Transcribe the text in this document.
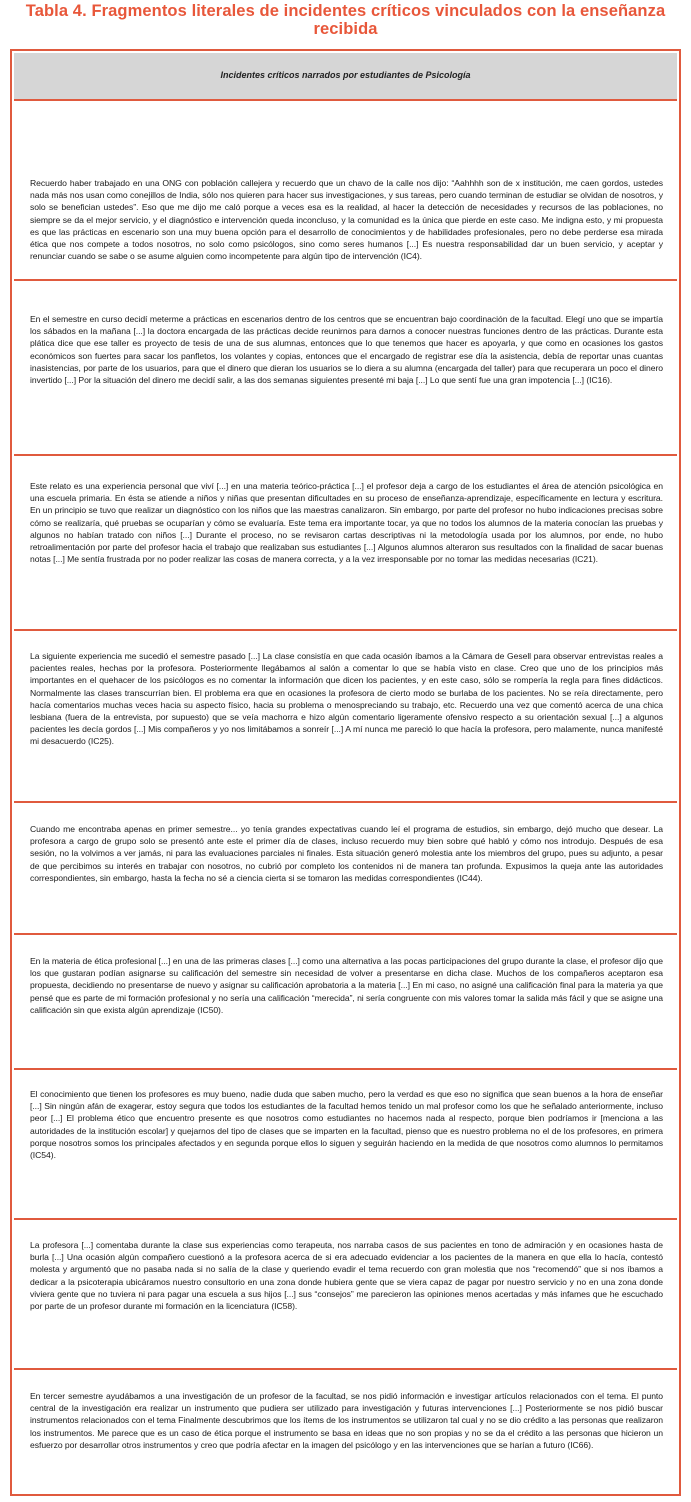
Tabla 4. Fragmentos literales de incidentes críticos vinculados con la enseñanza
recibida
Incidentes críticos narrados por estudiantes de Psicología

Recuerdo haber trabajado en una ONG con población callejera y recuerdo que un chavo de la calle nos dijo: “Aahhhh son de x institución, me caen gordos, ustedes nada más nos usan como conejillos de India, sólo nos quieren para hacer sus investigaciones, y sus tareas, pero cuando terminan de estudiar se olvidan de nosotros, y solo se benefician ustedes”. Eso que me dijo me caló porque a veces esa es la realidad, al hacer la detección de necesidades y recursos de las poblaciones, no siempre se da el mejor servicio, y el diagnóstico e intervención queda inconcluso, y la comunidad es la única que pierde en este caso. Me indigna esto, y mi propuesta es que las prácticas en escenario son una muy buena opción para el desarrollo de conocimientos y de habilidades profesionales, pero no debe perderse esa mirada ética que nos compete a todos nosotros, no solo como psicólogos, sino como seres humanos [...] Es nuestra responsabilidad dar un buen servicio, y aceptar y renunciar cuando se sabe o se asume alguien como incompetente para algún tipo de intervención (IC4).

En el semestre en curso decidí meterme a prácticas en escenarios dentro de los centros que se encuentran bajo coordinación de la facultad. Elegí uno que se impartía los sábados en la mañana [...] la doctora encargada de las prácticas decide reunirnos para darnos a conocer nuestras funciones dentro de las prácticas. Durante esta plática dice que ese taller es proyecto de tesis de una de sus alumnas, entonces que lo que tenemos que hacer es apoyarla, y que como en ocasiones los gastos económicos son fuertes para sacar los panfletos, los volantes y copias, entonces que el encargado de registrar ese día la asistencia, debía de reportar unas cuantas inasistencias, por parte de los usuarios, para que el dinero que dieran los usuarios se lo diera a su alumna (encargada del taller) para que recuperara un poco el dinero invertido [...] Por la situación del dinero me decidí salir, a las dos semanas siguientes presenté mi baja [...] Lo que sentí fue una gran impotencia [...] (IC16).

Este relato es una experiencia personal que viví [...] en una materia teórico-práctica [...] el profesor deja a cargo de los estudiantes el área de atención psicológica en una escuela primaria. En ésta se atiende a niños y niñas que presentan dificultades en su proceso de enseñanza-aprendizaje, específicamente en lectura y escritura. En un principio se tuvo que realizar un diagnóstico con los niños que las maestras canalizaron. Sin embargo, por parte del profesor no hubo indicaciones precisas sobre cómo se realizaría, qué pruebas se ocuparían y cómo se evaluaría. Este tema era importante tocar, ya que no todos los alumnos de la materia conocían las pruebas y algunos no habían tratado con niños [...] Durante el proceso, no se revisaron cartas descriptivas ni la metodología usada por los alumnos, por ende, no hubo retroalimentación por parte del profesor hacia el trabajo que realizaban sus estudiantes [...] Algunos alumnos alteraron sus resultados con la finalidad de sacar buenas notas [...] Me sentía frustrada por no poder realizar las cosas de manera correcta, y a la vez irresponsable por no tomar las medidas necesarias (IC21).

La siguiente experiencia me sucedió el semestre pasado [...] La clase consistía en que cada ocasión íbamos a la Cámara de Gesell para observar entrevistas reales a pacientes reales, hechas por la profesora. Posteriormente llegábamos al salón a comentar lo que se había visto en clase. Creo que uno de los principios más importantes en el quehacer de los psicólogos es no comentar la información que dicen los pacientes, y en este caso, sólo se rompería la regla para fines didácticos. Normalmente las clases transcurrían bien. El problema era que en ocasiones la profesora de cierto modo se burlaba de los pacientes. No se reía directamente, pero hacía comentarios muchas veces hacia su aspecto físico, hacia su problema o menospreciando su trabajo, etc. Recuerdo una vez que comentó acerca de una chica lesbiana (fuera de la entrevista, por supuesto) que se veía machorra e hizo algún comentario ligeramente ofensivo respecto a su orientación sexual [...] a algunos pacientes les decía gordos [...] Mis compañeros y yo nos limitábamos a sonreír [...] A mí nunca me pareció lo que hacía la profesora, pero malamente, nunca manifesté mi desacuerdo (IC25).

Cuando me encontraba apenas en primer semestre... yo tenía grandes expectativas cuando leí el programa de estudios, sin embargo, dejó mucho que desear. La profesora a cargo de grupo solo se presentó ante este el primer día de clases, incluso recuerdo muy bien sobre qué habló y cómo nos introdujo. Después de esa sesión, no la volvimos a ver jamás, ni para las evaluaciones parciales ni finales. Esta situación generó molestia ante los miembros del grupo, pues su adjunto, a pesar de que percibimos su interés en trabajar con nosotros, no cubrió por completo los contenidos ni de manera tan profunda. Expusimos la queja ante las autoridades correspondientes, sin embargo, hasta la fecha no sé a ciencia cierta si se tomaron las medidas correspondientes (IC44).

En la materia de ética profesional [...] en una de las primeras clases [...] como una alternativa a las pocas participaciones del grupo durante la clase, el profesor dijo que los que gustaran podían asignarse su calificación del semestre sin necesidad de volver a presentarse en dicha clase. Muchos de los compañeros aceptaron esa propuesta, decidiendo no presentarse de nuevo y asignar su calificación aprobatoria a la materia [...] En mi caso, no asigné una calificación final para la materia ya que pensé que es parte de mi formación profesional y no sería una calificación “merecida”, ni sería congruente con mis valores tomar la salida más fácil y que se asigne una calificación sin que exista algún aprendizaje (IC50).

El conocimiento que tienen los profesores es muy bueno, nadie duda que saben mucho, pero la verdad es que eso no significa que sean buenos a la hora de enseñar [...] Sin ningún afán de exagerar, estoy segura que todos los estudiantes de la facultad hemos tenido un mal profesor como los que he señalado anteriormente, incluso peor [...] El problema ético que encuentro presente es que nosotros como estudiantes no hacemos nada al respecto, porque bien podríamos ir [menciona a las autoridades de la institución escolar] y quejarnos del tipo de clases que se imparten en la facultad, pienso que es nuestro problema no el de los profesores, en primera porque nosotros somos los principales afectados y en segunda porque ellos lo siguen y seguirán haciendo en la medida de que nosotros como alumnos lo permitamos (IC54).

La profesora [...] comentaba durante la clase sus experiencias como terapeuta, nos narraba casos de sus pacientes en tono de admiración y en ocasiones hasta de burla [...] Una ocasión algún compañero cuestionó a la profesora acerca de si era adecuado evidenciar a los pacientes de la manera en que ella lo hacía, contestó molesta y argumentó que no pasaba nada si no salía de la clase y queriendo evadir el tema recuerdo con gran molestia que nos “recomendó” que si nos íbamos a dedicar a la psicoterapia ubicáramos nuestro consultorio en una zona donde hubiera gente que se viera capaz de pagar por nuestro servicio y no en una zona donde viviera gente que no tuviera ni para pagar una escuela a sus hijos [...] sus “consejos” me parecieron las opiniones menos acertadas y más infames que he escuchado por parte de un profesor durante mi formación en la licenciatura (IC58).

En tercer semestre ayudábamos a una investigación de un profesor de la facultad, se nos pidió información e investigar artículos relacionados con el tema. El punto central de la investigación era realizar un instrumento que pudiera ser utilizado para investigación y futuras intervenciones [...] Posteriormente se nos pidió buscar instrumentos relacionados con el tema Finalmente descubrimos que los ítems de los instrumentos se utilizaron tal cual y no se dio crédito a las personas que realizaron los instrumentos. Me parece que es un caso de ética porque el instrumento se basa en ideas que no son propias y no se da el crédito a las personas que hicieron un esfuerzo por desarrollar otros instrumentos y creo que podría afectar en la imagen del psicólogo y en las intervenciones que se harían a futuro (IC66).
